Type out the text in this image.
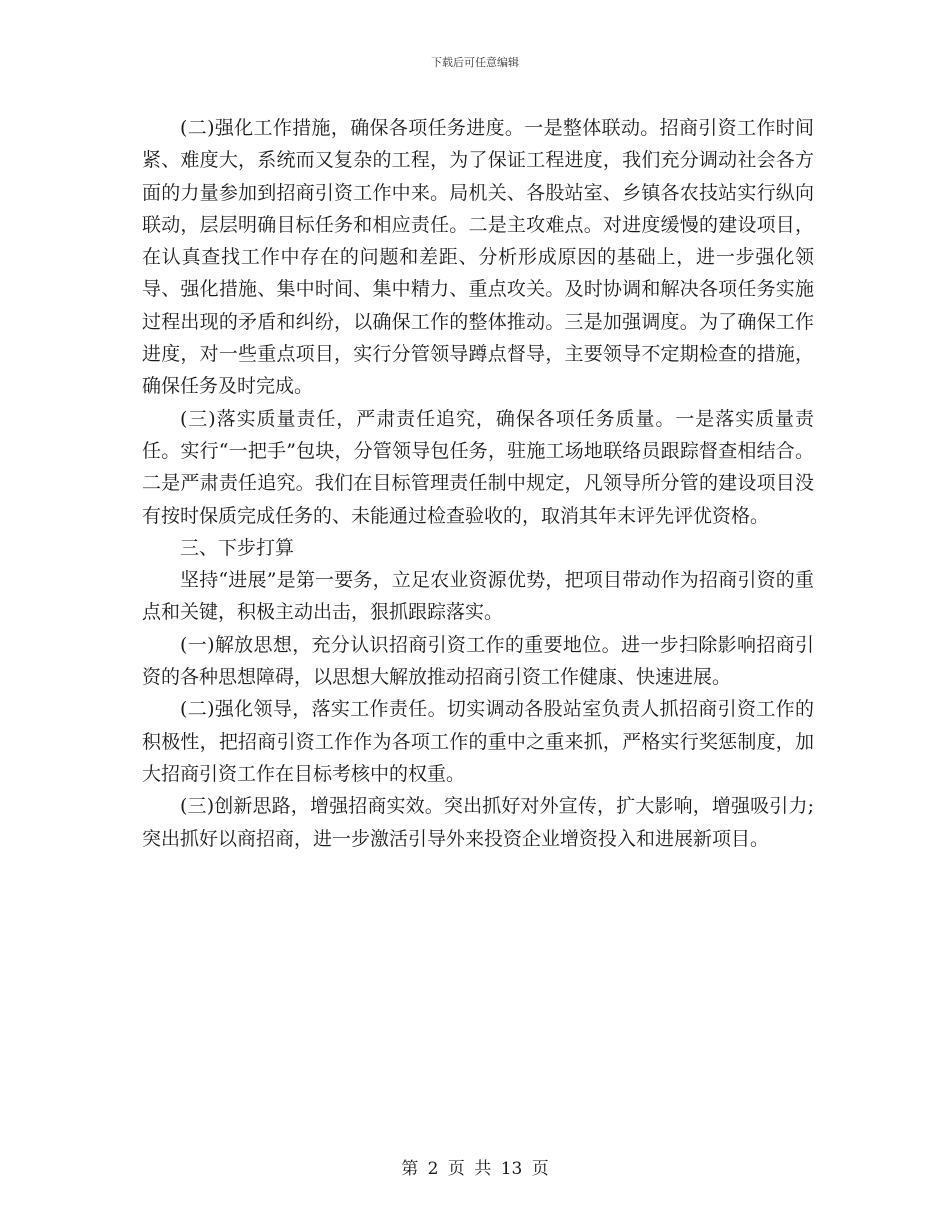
下载后可任意编辑

(二)强化工作措施，确保各项任务进度。一是整体联动。招商引资工作时间紧、难度大，系统而又复杂的工程，为了保证工程进度，我们充分调动社会各方面的力量参加到招商引资工作中来。局机关、各股站室、乡镇各农技站实行纵向联动，层层明确目标任务和相应责任。二是主攻难点。对进度缓慢的建设项目，在认真查找工作中存在的问题和差距、分析形成原因的基础上，进一步强化领导、强化措施、集中时间、集中精力、重点攻关。及时协调和解决各项任务实施过程出现的矛盾和纠纷，以确保工作的整体推动。三是加强调度。为了确保工作进度，对一些重点项目，实行分管领导蹲点督导，主要领导不定期检查的措施，确保任务及时完成。

(三)落实质量责任，严肃责任追究，确保各项任务质量。一是落实质量责任。实行“一把手”包块，分管领导包任务，驻施工场地联络员跟踪督查相结合。二是严肃责任追究。我们在目标管理责任制中规定，凡领导所分管的建设项目没有按时保质完成任务的、未能通过检查验收的，取消其年末评先评优资格。

三、下步打算

坚持“进展”是第一要务，立足农业资源优势，把项目带动作为招商引资的重点和关键，积极主动出击，狠抓跟踪落实。

(一)解放思想，充分认识招商引资工作的重要地位。进一步扫除影响招商引资的各种思想障碍，以思想大解放推动招商引资工作健康、快速进展。

(二)强化领导，落实工作责任。切实调动各股站室负责人抓招商引资工作的积极性，把招商引资工作作为各项工作的重中之重来抓，严格实行奖惩制度，加大招商引资工作在目标考核中的权重。

(三)创新思路，增强招商实效。突出抓好对外宣传，扩大影响，增强吸引力;突出抓好以商招商，进一步激活引导外来投资企业增资投入和进展新项目。

第 2 页 共 13 页
